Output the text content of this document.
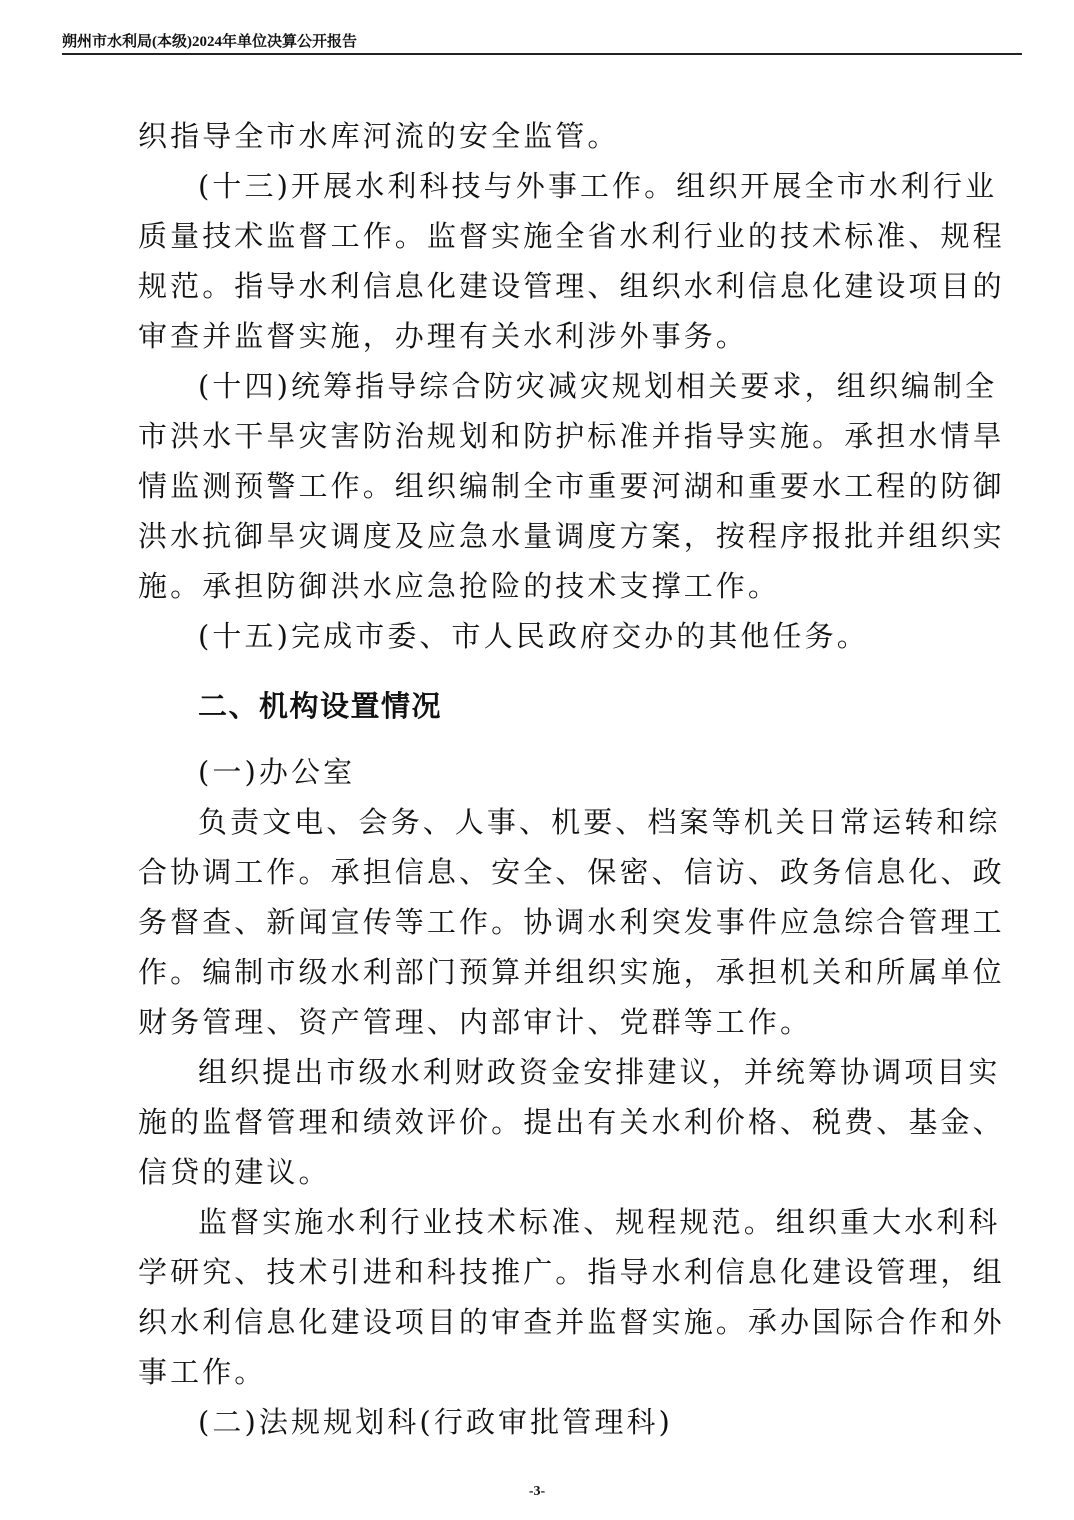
朔州市水利局(本级)2024年单位决算公开报告
织指导全市水库河流的安全监管。
(十三)开展水利科技与外事工作。组织开展全市水利行业
质量技术监督工作。监督实施全省水利行业的技术标准、规程
规范。指导水利信息化建设管理、组织水利信息化建设项目的
审查并监督实施，办理有关水利涉外事务。
(十四)统筹指导综合防灾减灾规划相关要求，组织编制全
市洪水干旱灾害防治规划和防护标准并指导实施。承担水情旱
情监测预警工作。组织编制全市重要河湖和重要水工程的防御
洪水抗御旱灾调度及应急水量调度方案，按程序报批并组织实
施。承担防御洪水应急抢险的技术支撑工作。
(十五)完成市委、市人民政府交办的其他任务。
二、机构设置情况
(一)办公室
负责文电、会务、人事、机要、档案等机关日常运转和综
合协调工作。承担信息、安全、保密、信访、政务信息化、政
务督查、新闻宣传等工作。协调水利突发事件应急综合管理工
作。编制市级水利部门预算并组织实施，承担机关和所属单位
财务管理、资产管理、内部审计、党群等工作。
组织提出市级水利财政资金安排建议，并统筹协调项目实
施的监督管理和绩效评价。提出有关水利价格、税费、基金、
信贷的建议。
监督实施水利行业技术标准、规程规范。组织重大水利科
学研究、技术引进和科技推广。指导水利信息化建设管理，组
织水利信息化建设项目的审查并监督实施。承办国际合作和外
事工作。
(二)法规规划科(行政审批管理科)
-3-
